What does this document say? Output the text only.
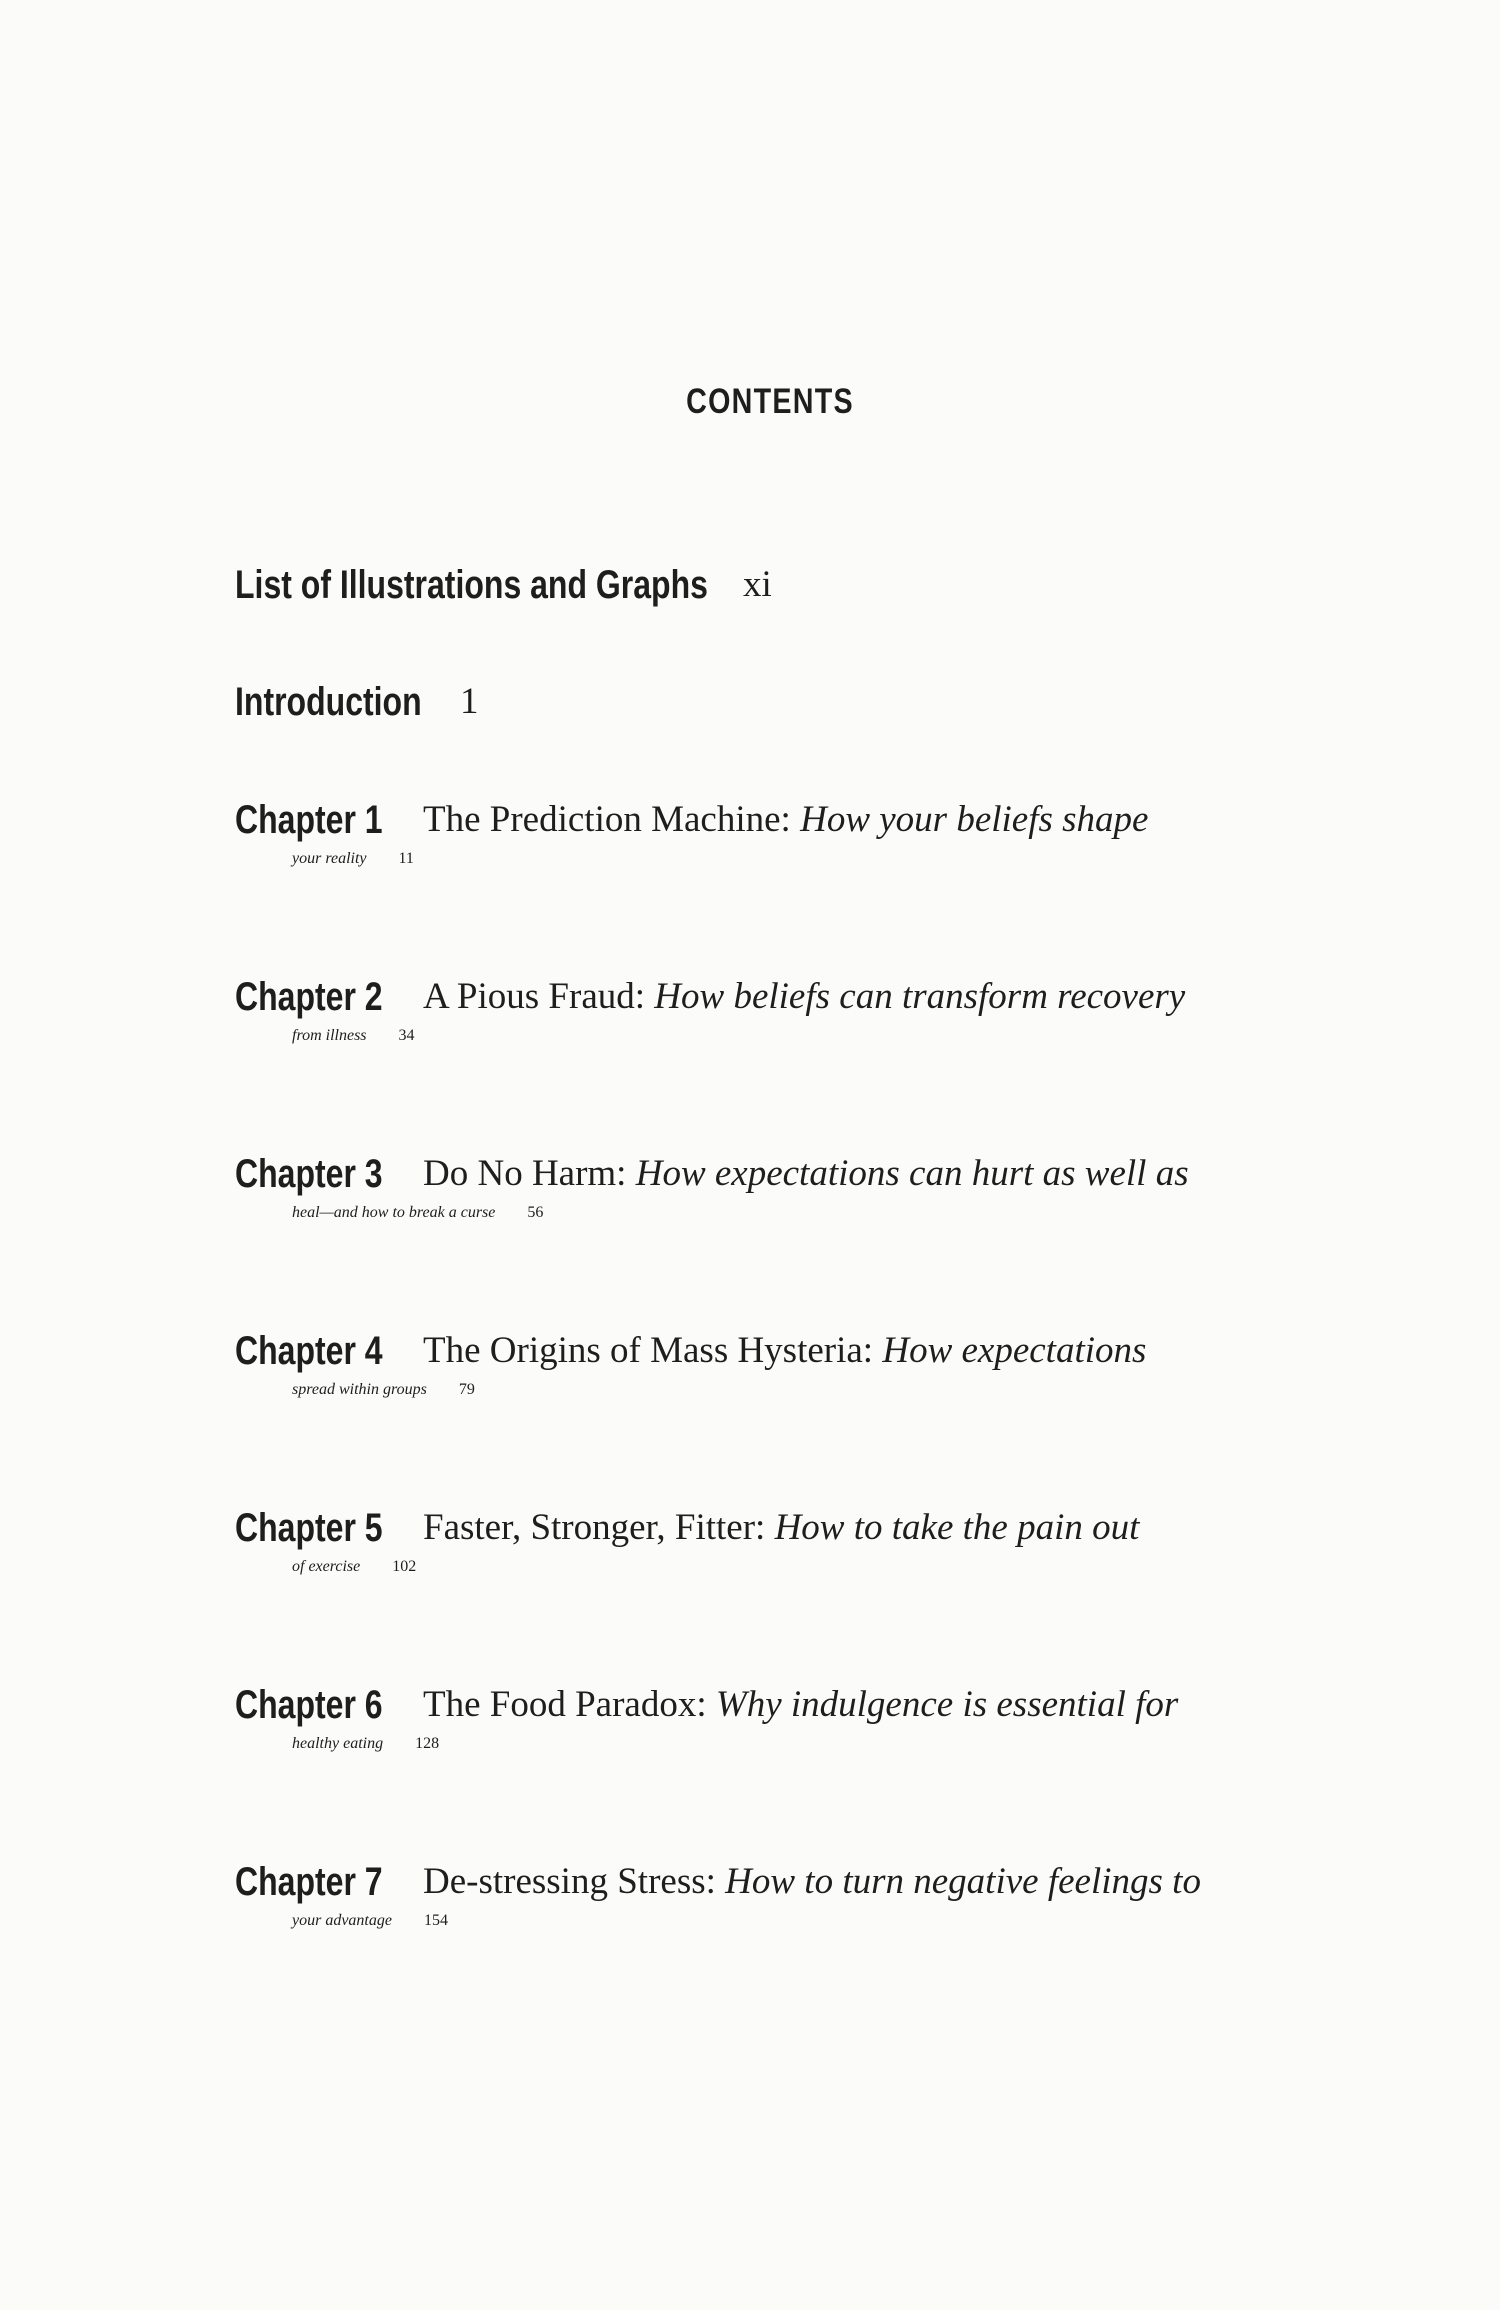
CONTENTS
List of Illustrations and Graphs xi
Introduction 1
Chapter 1 The Prediction Machine: How your beliefs shape
your reality 11
Chapter 2 A Pious Fraud: How beliefs can transform recovery
from illness 34
Chapter 3 Do No Harm: How expectations can hurt as well as
heal—and how to break a curse 56
Chapter 4 The Origins of Mass Hysteria: How expectations
spread within groups 79
Chapter 5 Faster, Stronger, Fitter: How to take the pain out
of exercise 102
Chapter 6 The Food Paradox: Why indulgence is essential for
healthy eating 128
Chapter 7 De-stressing Stress: How to turn negative feelings to
your advantage 154
